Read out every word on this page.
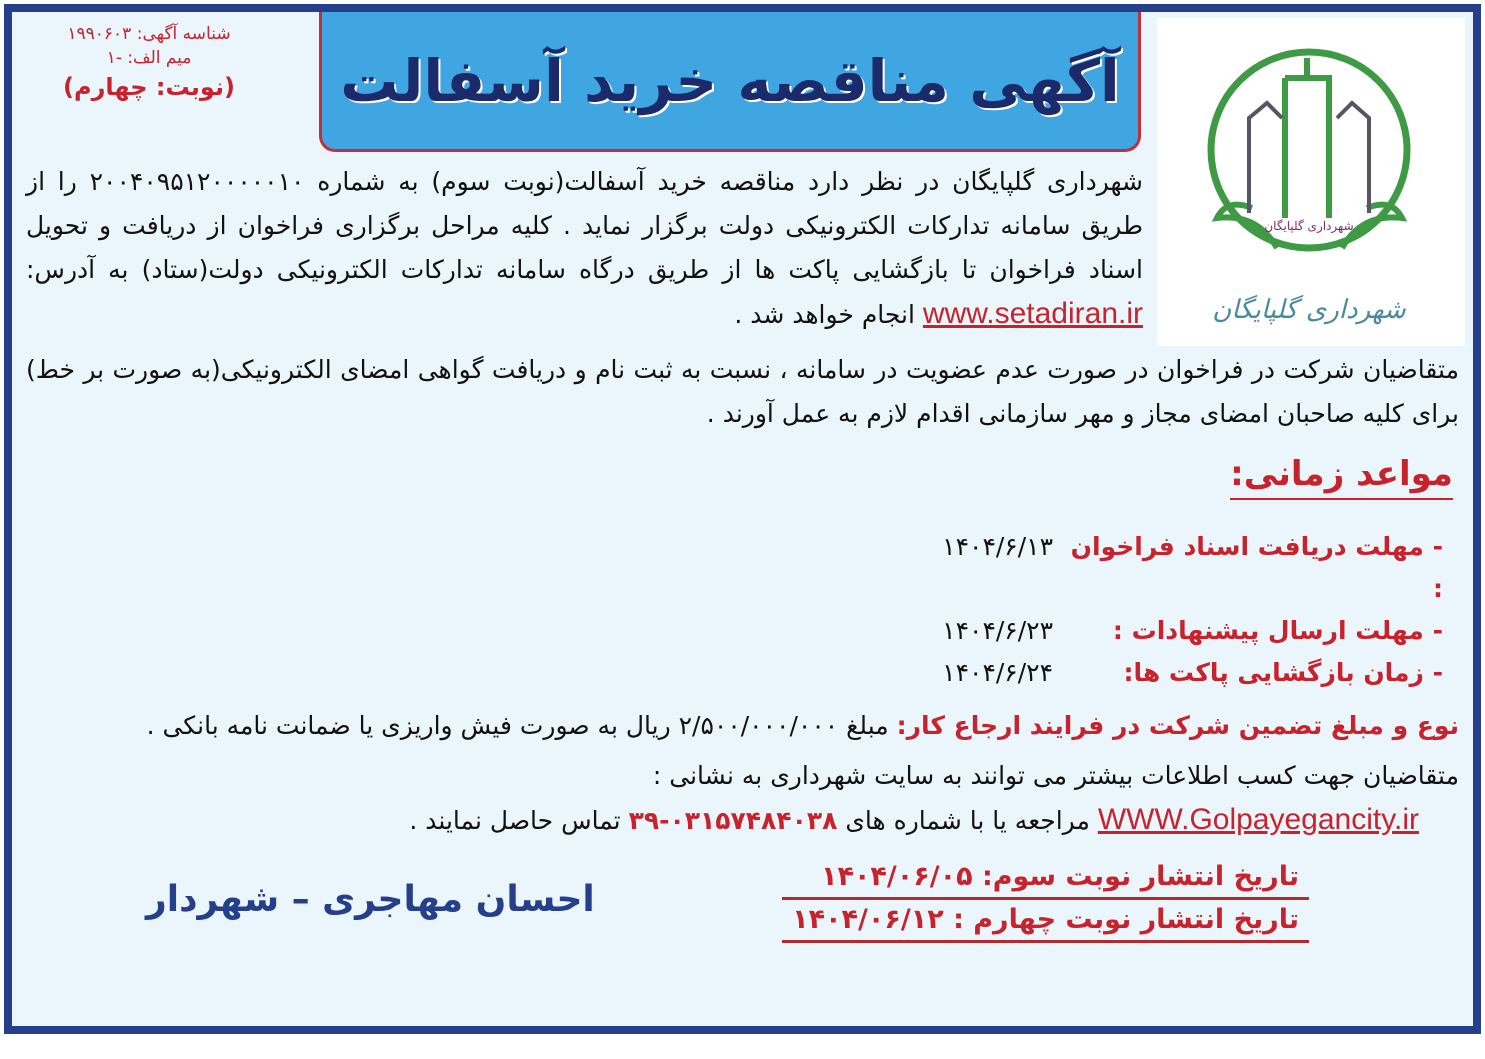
شناسه آگهی: ۱۹۹۰۶۰۳
میم الف: -۱
(نوبت: چهارم)	آگهی مناقصه خرید آسفالت
شهرداری گلپایگان
شهرداری گلپایگان
شهرداری گلپایگان در نظر دارد مناقصه خرید آسفالت(نوبت سوم) به شماره ۲۰۰۴۰۹۵۱۲۰۰۰۰۰۱۰ را از طریق سامانه تدارکات الکترونیکی دولت برگزار نماید . کلیه مراحل برگزاری فراخوان از دریافت و تحویل اسناد فراخوان تا بازگشایی پاکت ها از طریق درگاه سامانه تدارکات الکترونیکی دولت(ستاد) به آدرس: www.setadiran.ir انجام خواهد شد .
متقاضیان شرکت در فراخوان در صورت عدم عضویت در سامانه ، نسبت به ثبت نام و دریافت گواهی امضای الکترونیکی(به صورت بر خط) برای کلیه صاحبان امضای مجاز و مهر سازمانی اقدام لازم به عمل آورند .
مواعد زمانی:
- مهلت دریافت اسناد فراخوان :
۱۴۰۴/۶/۱۳
- مهلت ارسال پیشنهادات :
۱۴۰۴/۶/۲۳
- زمان بازگشایی پاکت ها:
۱۴۰۴/۶/۲۴
نوع و مبلغ تضمین شرکت در فرایند ارجاع کار: مبلغ ۲/۵۰۰/۰۰۰/۰۰۰ ریال به صورت فیش واریزی یا ضمانت نامه بانکی .
متقاضیان جهت کسب اطلاعات بیشتر می توانند به سایت شهرداری به نشانی :
WWW.Golpayegancity.ir مراجعه یا با شماره های ۰۳۱۵۷۴۸۴۰۳۸-۳۹ تماس حاصل نمایند .
تاریخ انتشار نوبت سوم: ۱۴۰۴/۰۶/۰۵
تاریخ انتشار نوبت چهارم : ۱۴۰۴/۰۶/۱۲
احسان مهاجری – شهردار
